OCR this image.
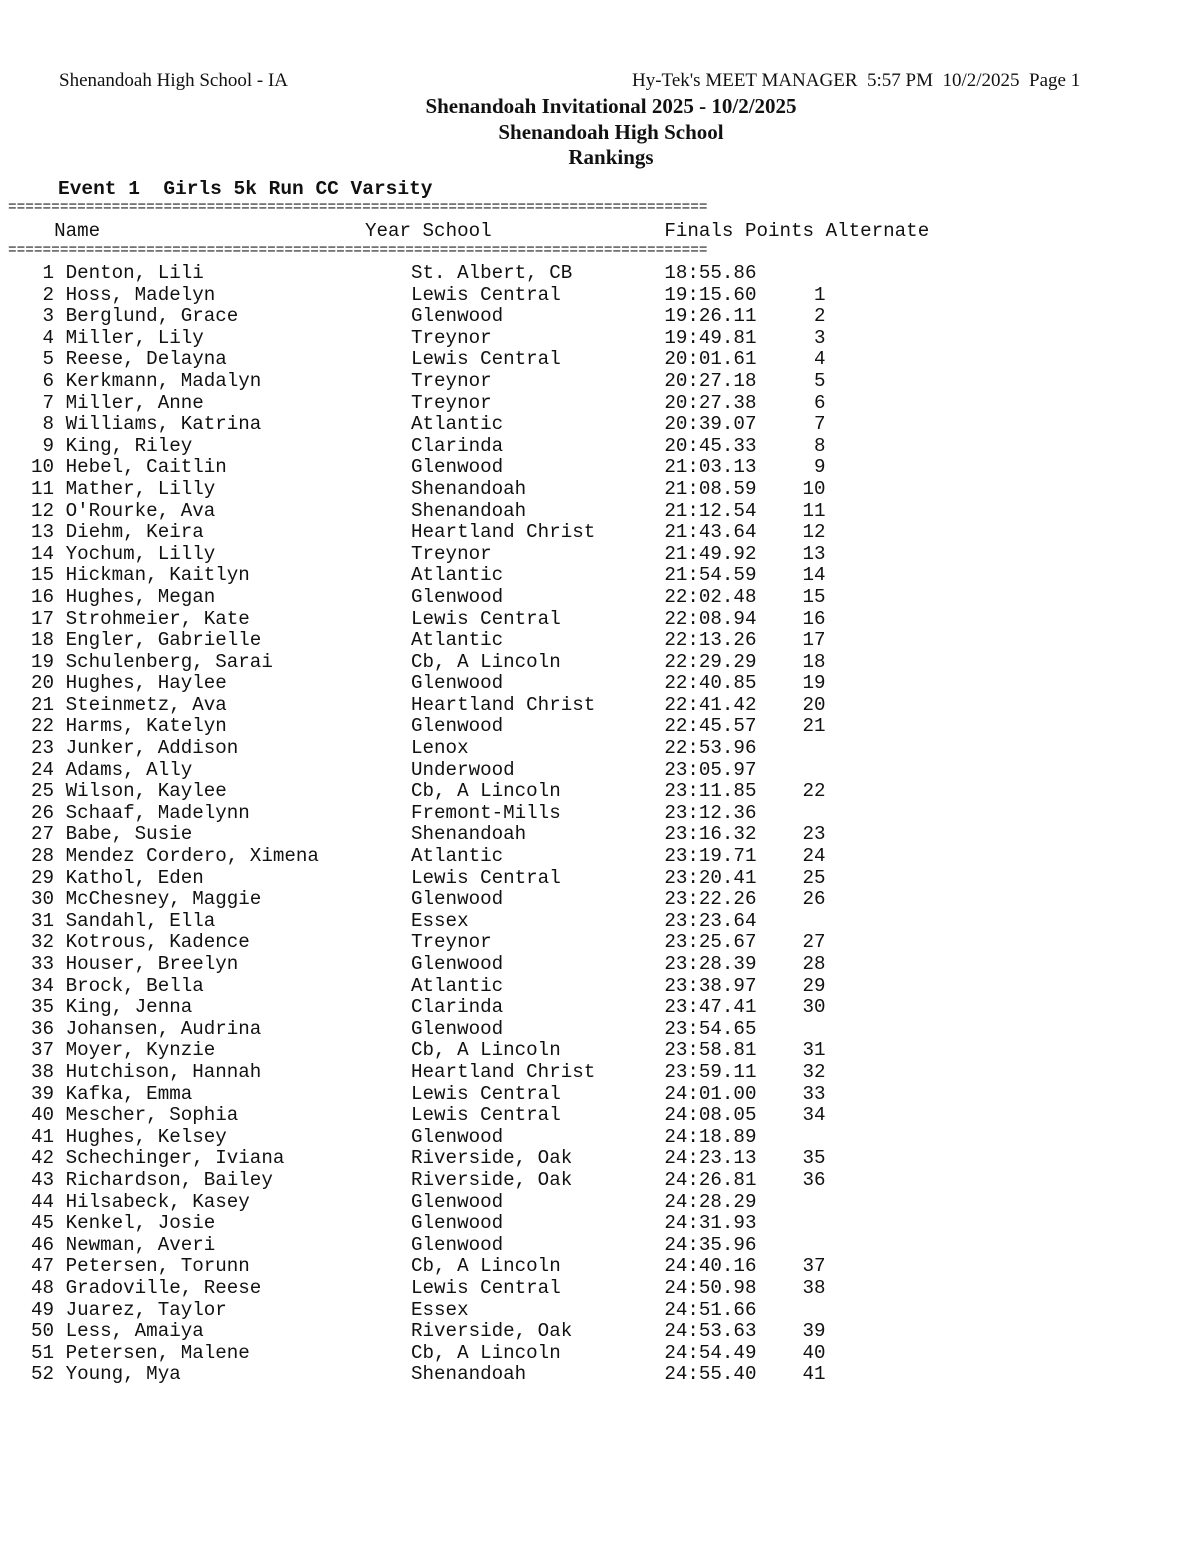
Shenandoah High School - IA	Hy-Tek's MEET MANAGER  5:57 PM  10/2/2025  Page 1
Shenandoah Invitational 2025 - 10/2/2025
Shenandoah High School
Rankings
Event 1 Girls 5k Run CC Varsity
=================================================================================
Name	Year School	Finals Points Alternate
=================================================================================
1 Denton, Lili                  St. Albert, CB        18:55.86
2 Hoss, Madelyn                 Lewis Central         19:15.60     1
3 Berglund, Grace               Glenwood              19:26.11     2
4 Miller, Lily                  Treynor               19:49.81     3
5 Reese, Delayna                Lewis Central         20:01.61     4
6 Kerkmann, Madalyn             Treynor               20:27.18     5
7 Miller, Anne                  Treynor               20:27.38     6
8 Williams, Katrina             Atlantic              20:39.07     7
9 King, Riley                   Clarinda              20:45.33     8
10 Hebel, Caitlin                Glenwood              21:03.13     9
11 Mather, Lilly                 Shenandoah            21:08.59    10
12 O'Rourke, Ava                 Shenandoah            21:12.54    11
13 Diehm, Keira                  Heartland Christ      21:43.64    12
14 Yochum, Lilly                 Treynor               21:49.92    13
15 Hickman, Kaitlyn              Atlantic              21:54.59    14
16 Hughes, Megan                 Glenwood              22:02.48    15
17 Strohmeier, Kate              Lewis Central         22:08.94    16
18 Engler, Gabrielle             Atlantic              22:13.26    17
19 Schulenberg, Sarai            Cb, A Lincoln         22:29.29    18
20 Hughes, Haylee                Glenwood              22:40.85    19
21 Steinmetz, Ava                Heartland Christ      22:41.42    20
22 Harms, Katelyn                Glenwood              22:45.57    21
23 Junker, Addison               Lenox                 22:53.96
24 Adams, Ally                   Underwood             23:05.97
25 Wilson, Kaylee                Cb, A Lincoln         23:11.85    22
26 Schaaf, Madelynn              Fremont-Mills         23:12.36
27 Babe, Susie                   Shenandoah            23:16.32    23
28 Mendez Cordero, Ximena        Atlantic              23:19.71    24
29 Kathol, Eden                  Lewis Central         23:20.41    25
30 McChesney, Maggie             Glenwood              23:22.26    26
31 Sandahl, Ella                 Essex                 23:23.64
32 Kotrous, Kadence              Treynor               23:25.67    27
33 Houser, Breelyn               Glenwood              23:28.39    28
34 Brock, Bella                  Atlantic              23:38.97    29
35 King, Jenna                   Clarinda              23:47.41    30
36 Johansen, Audrina             Glenwood              23:54.65
37 Moyer, Kynzie                 Cb, A Lincoln         23:58.81    31
38 Hutchison, Hannah             Heartland Christ      23:59.11    32
39 Kafka, Emma                   Lewis Central         24:01.00    33
40 Mescher, Sophia               Lewis Central         24:08.05    34
41 Hughes, Kelsey                Glenwood              24:18.89
42 Schechinger, Iviana           Riverside, Oak        24:23.13    35
43 Richardson, Bailey            Riverside, Oak        24:26.81    36
44 Hilsabeck, Kasey              Glenwood              24:28.29
45 Kenkel, Josie                 Glenwood              24:31.93
46 Newman, Averi                 Glenwood              24:35.96
47 Petersen, Torunn              Cb, A Lincoln         24:40.16    37
48 Gradoville, Reese             Lewis Central         24:50.98    38
49 Juarez, Taylor                Essex                 24:51.66
50 Less, Amaiya                  Riverside, Oak        24:53.63    39
51 Petersen, Malene              Cb, A Lincoln         24:54.49    40
52 Young, Mya                    Shenandoah            24:55.40    41
